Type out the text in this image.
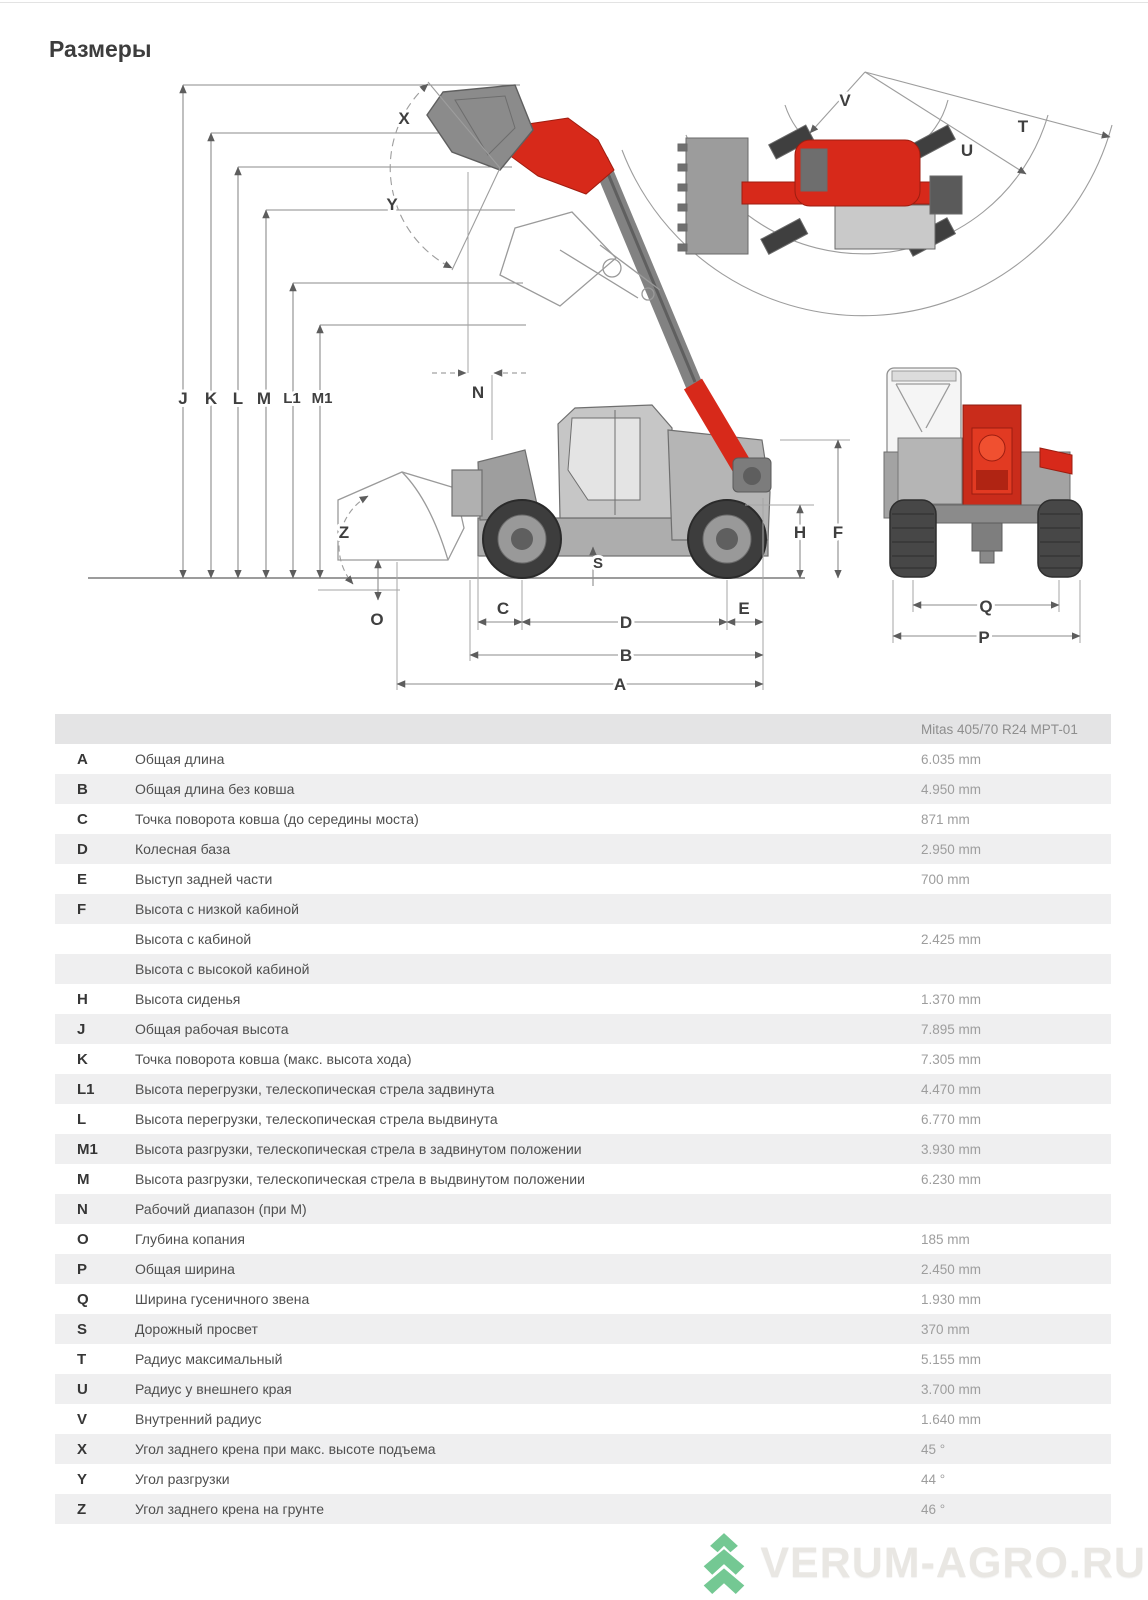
Размеры
J K L M L1 M1	N
X
Y
Z
O
C
D
E
B
A
H F
S
V
U
T
Q
P
		Mitas 405/70 R24 MPT-01
A	Общая длина	6.035 mm
B	Общая длина без ковша	4.950 mm
C	Точка поворота ковша (до середины моста)	871 mm
D	Колесная база	2.950 mm
E	Выступ задней части	700 mm
F	Высота с низкой кабиной	
	Высота с кабиной	2.425 mm
	Высота с высокой кабиной	
H	Высота сиденья	1.370 mm
J	Общая рабочая высота	7.895 mm
K	Точка поворота ковша (макс. высота хода)	7.305 mm
L1	Высота перегрузки, телескопическая стрела задвинута	4.470 mm
L	Высота перегрузки, телескопическая стрела выдвинута	6.770 mm
M1	Высота разгрузки, телескопическая стрела в задвинутом положении	3.930 mm
M	Высота разгрузки, телескопическая стрела в выдвинутом положении	6.230 mm
N	Рабочий диапазон (при M)	
O	Глубина копания	185 mm
P	Общая ширина	2.450 mm
Q	Ширина гусеничного звена	1.930 mm
S	Дорожный просвет	370 mm
T	Радиус максимальный	5.155 mm
U	Радиус у внешнего края	3.700 mm
V	Внутренний радиус	1.640 mm
X	Угол заднего крена при макс. высоте подъема	45 °
Y	Угол разгрузки	44 °
Z	Угол заднего крена на грунте	46 °
VERUM-AGRO.RU
